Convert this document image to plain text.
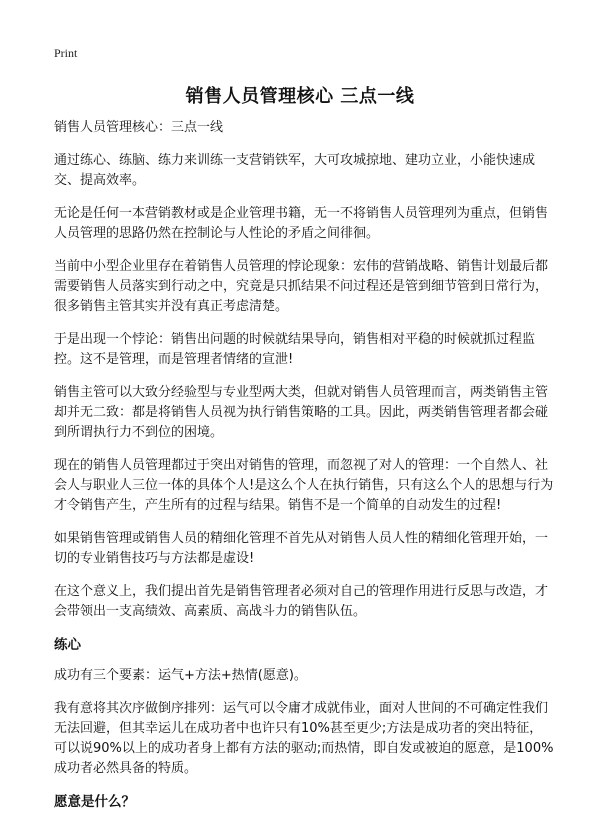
Print
销售人员管理核心 三点一线

销售人员管理核心：三点一线

通过练心、练脑、练力来训练一支营销铁军，大可攻城掠地、建功立业，小能快速成交、提高效率。

无论是任何一本营销教材或是企业管理书籍，无一不将销售人员管理列为重点，但销售人员管理的思路仍然在控制论与人性论的矛盾之间徘徊。

当前中小型企业里存在着销售人员管理的悖论现象：宏伟的营销战略、销售计划最后都需要销售人员落实到行动之中，究竟是只抓结果不问过程还是管到细节管到日常行为，很多销售主管其实并没有真正考虑清楚。

于是出现一个悖论：销售出问题的时候就结果导向，销售相对平稳的时候就抓过程监控。这不是管理，而是管理者情绪的宣泄!

销售主管可以大致分经验型与专业型两大类，但就对销售人员管理而言，两类销售主管却并无二致：都是将销售人员视为执行销售策略的工具。因此，两类销售管理者都会碰到所谓执行力不到位的困境。

现在的销售人员管理都过于突出对销售的管理，而忽视了对人的管理：一个自然人、社会人与职业人三位一体的具体个人!是这么个人在执行销售，只有这么个人的思想与行为才令销售产生，产生所有的过程与结果。销售不是一个简单的自动发生的过程!

如果销售管理或销售人员的精细化管理不首先从对销售人员人性的精细化管理开始，一切的专业销售技巧与方法都是虚设!

在这个意义上，我们提出首先是销售管理者必须对自己的管理作用进行反思与改造，才会带领出一支高绩效、高素质、高战斗力的销售队伍。

练心

成功有三个要素：运气+方法+热情(愿意)。

我有意将其次序做倒序排列：运气可以令庸才成就伟业，面对人世间的不可确定性我们无法回避，但其幸运儿在成功者中也许只有10%甚至更少;方法是成功者的突出特征，可以说90%以上的成功者身上都有方法的驱动;而热情，即自发或被迫的愿意，是100%成功者必然具备的特质。

愿意是什么？
